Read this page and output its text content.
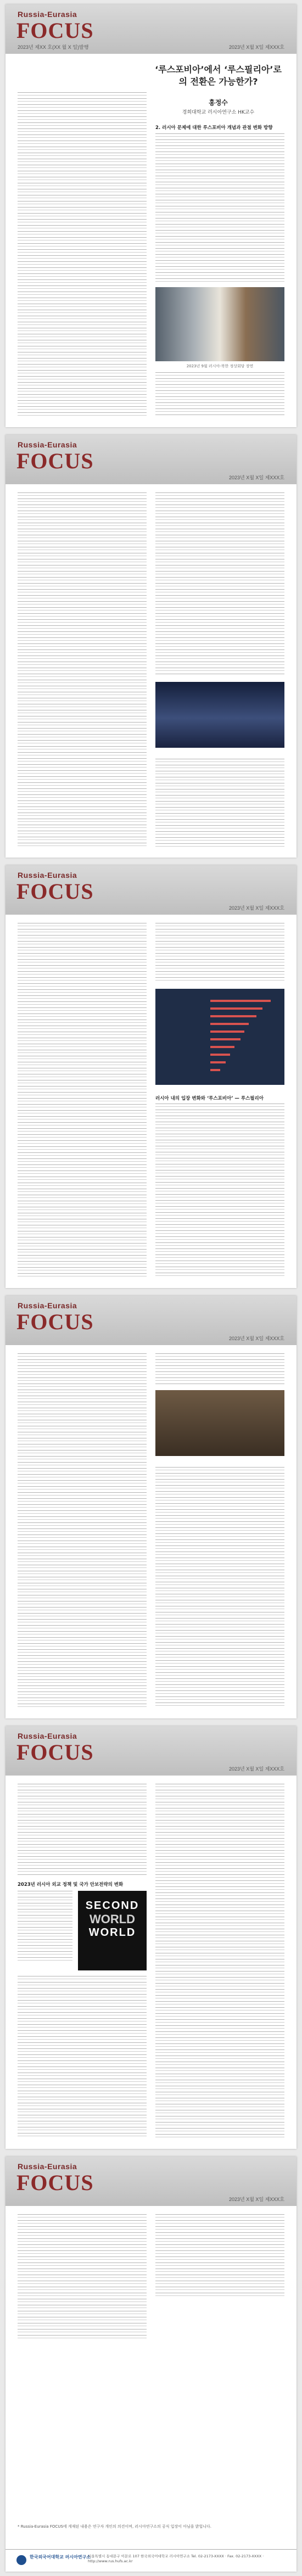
Russia-Eurasia
FOCUS
2023년 제XX 호(XX 월 X 일)발행	2023년 X월 X일 제XXX호
‘루스포비아’에서 ‘루스필리아’로의 전환은 가능한가?
홍정수
경희대학교 러시아연구소 HK교수
2. 러시아 문제에 대한 루스포비아 개념과 관점 변화 방향
2023년 9월 러시아-북한 정상회담 장면
Russia-Eurasia
FOCUS
2023년 X월 X일 제XXX호
Russia-Eurasia
FOCUS
2023년 X월 X일 제XXX호
러시아 내의 입장 변화와 ‘루스포비아’ — 루스필리아
Russia-Eurasia
FOCUS
2023년 X월 X일 제XXX호
Russia-Eurasia
FOCUS
2023년 X월 X일 제XXX호
2023년 러시아 외교 정책 및 국가 안보전략의 변화
SECOND
WORLD
WORLD
Russia-Eurasia
FOCUS
2023년 X월 X일 제XXX호
* Russia-Eurasia FOCUS에 게재된 내용은 연구자 개인의 의견이며, 러시아연구소의 공식 입장이 아님을 밝힙니다.
한국외국어대학교 러시아연구소
서울특별시 동대문구 이문로 107 한국외국어대학교 러시아연구소 Tel. 02-2173-XXXX · Fax. 02-2173-XXXX · http://www.rus.hufs.ac.kr
